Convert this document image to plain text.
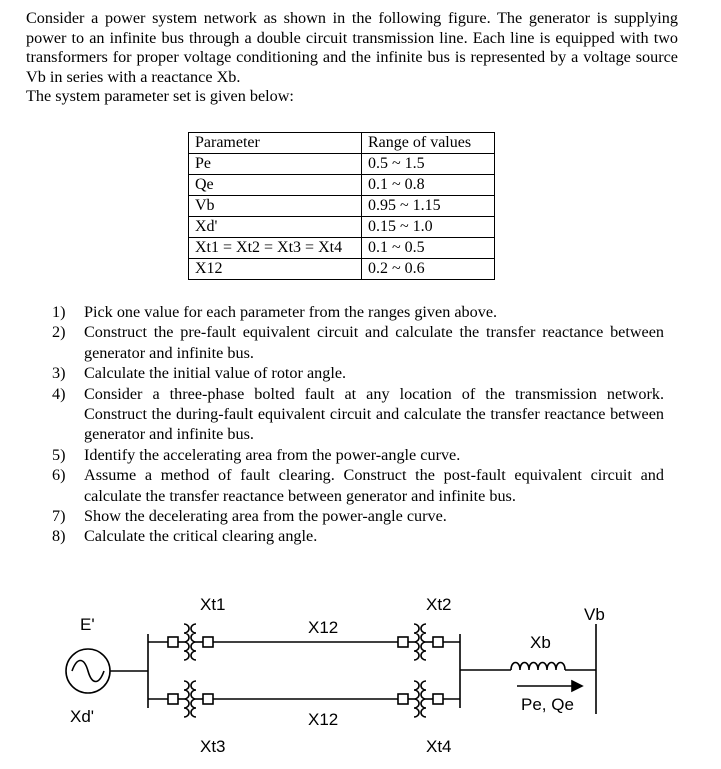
Consider a power system network as shown in the following figure. The generator is supplying power to an infinite bus through a double circuit transmission line. Each line is equipped with two transformers for proper voltage conditioning and the infinite bus is represented by a voltage source Vb in series with a reactance Xb.

The system parameter set is given below:

Parameter	Range of values
Pe	0.5 ~ 1.5
Qe	0.1 ~ 0.8
Vb	0.95 ~ 1.15
Xd'	0.15 ~ 1.0
Xt1 = Xt2 = Xt3 = Xt4	0.1 ~ 0.5
X12	0.2 ~ 0.6
1) Pick one value for each parameter from the ranges given above.
2) Construct the pre-fault equivalent circuit and calculate the transfer reactance between generator and infinite bus.
3) Calculate the initial value of rotor angle.
4) Consider a three-phase bolted fault at any location of the transmission network. Construct the during-fault equivalent circuit and calculate the transfer reactance between generator and infinite bus.
5) Identify the accelerating area from the power-angle curve.
6) Assume a method of fault clearing. Construct the post-fault equivalent circuit and calculate the transfer reactance between generator and infinite bus.
7) Show the decelerating area from the power-angle curve.
8) Calculate the critical clearing angle.
E'
Xd'
Xt1
Xt3
X12
X12
Xt2
Xt4
Xb
Vb
Pe, Qe
